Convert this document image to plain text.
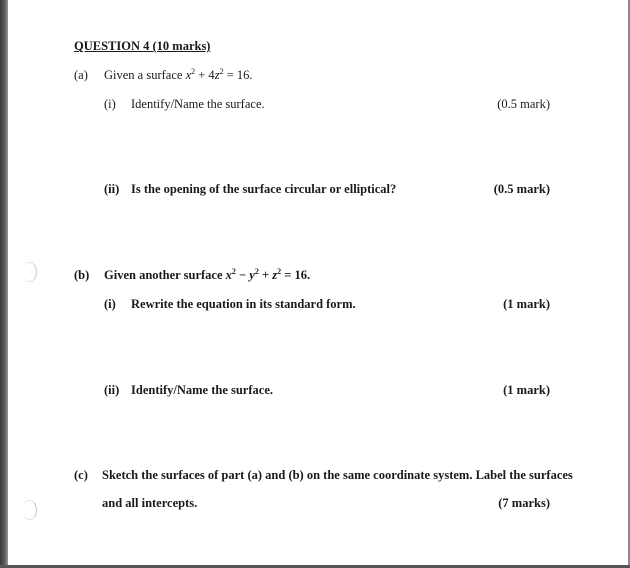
QUESTION 4 (10 marks)
(a) Given a surface $x^2 + 4z^2 = 16$.
(i) Identify/Name the surface.	(0.5 mark)
(ii) Is the opening of the surface circular or elliptical?	(0.5 mark)
(b) Given another surface $x^2 - y^2 + z^2 = 16$.
(i) Rewrite the equation in its standard form.	(1 mark)
(ii) Identify/Name the surface.	(1 mark)
(c) Sketch the surfaces of part (a) and (b) on the same coordinate system. Label the surfaces
and all intercepts.	(7 marks)
